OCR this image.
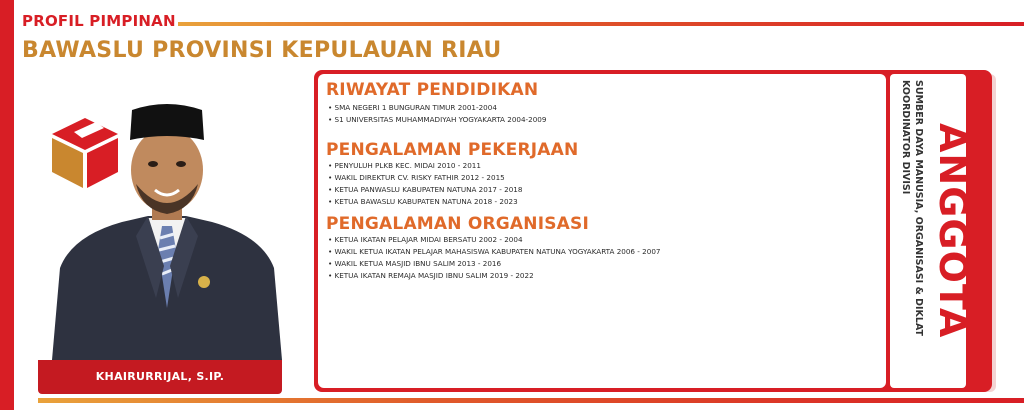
PROFIL PIMPINAN
BAWASLU PROVINSI KEPULAUAN RIAU
KHAIRURRIJAL, S.IP.
RIWAYAT PENDIDIKAN
• SMA NEGERI 1 BUNGURAN TIMUR 2001-2004
• S1 UNIVERSITAS MUHAMMADIYAH YOGYAKARTA 2004-2009
PENGALAMAN PEKERJAAN
• PENYULUH PLKB KEC. MIDAI 2010 - 2011
• WAKIL DIREKTUR CV. RISKY FATHIR 2012 - 2015
• KETUA PANWASLU KABUPATEN NATUNA 2017 - 2018
• KETUA BAWASLU KABUPATEN NATUNA 2018 - 2023
PENGALAMAN ORGANISASI
• KETUA IKATAN PELAJAR MIDAI BERSATU 2002 - 2004
• WAKIL KETUA IKATAN PELAJAR MAHASISWA KABUPATEN NATUNA YOGYAKARTA 2006 - 2007
• WAKIL KETUA MASJID IBNU SALIM 2013 - 2016
• KETUA IKATAN REMAJA MASJID IBNU SALIM 2019 - 2022
KOORDINATOR DIVISI SUMBER DAYA MANUSIA, ORGANISASI & DIKLAT ANGGOTA
